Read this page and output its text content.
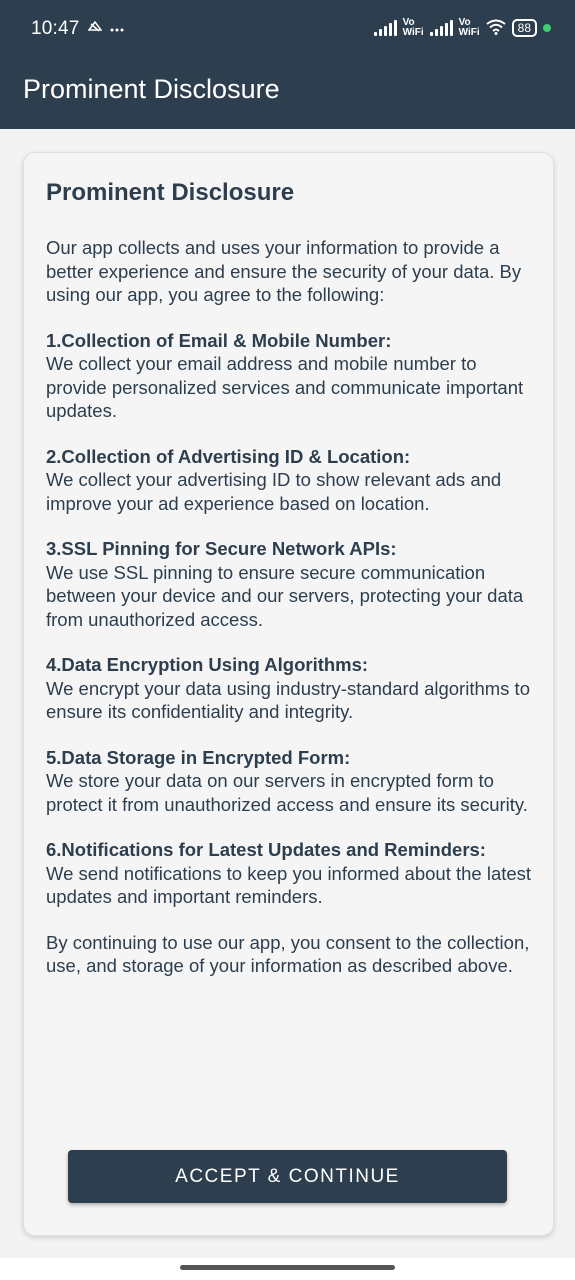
10:47	Vo
WiFi
Vo
WiFi	88
Prominent Disclosure
Prominent Disclosure

Our app collects and uses your information to provide a better experience and ensure the security of your data. By using our app, you agree to the following:

1.Collection of Email & Mobile Number:
We collect your email address and mobile number to provide personalized services and communicate important updates.
2.Collection of Advertising ID & Location:
We collect your advertising ID to show relevant ads and improve your ad experience based on location.
3.SSL Pinning for Secure Network APIs:
We use SSL pinning to ensure secure communication between your device and our servers, protecting your data from unauthorized access.
4.Data Encryption Using Algorithms:
We encrypt your data using industry-standard algorithms to ensure its confidentiality and integrity.
5.Data Storage in Encrypted Form:
We store your data on our servers in encrypted form to protect it from unauthorized access and ensure its security.
6.Notifications for Latest Updates and Reminders:
We send notifications to keep you informed about the latest updates and important reminders.

By continuing to use our app, you consent to the collection, use, and storage of your information as described above.

ACCEPT & CONTINUE
